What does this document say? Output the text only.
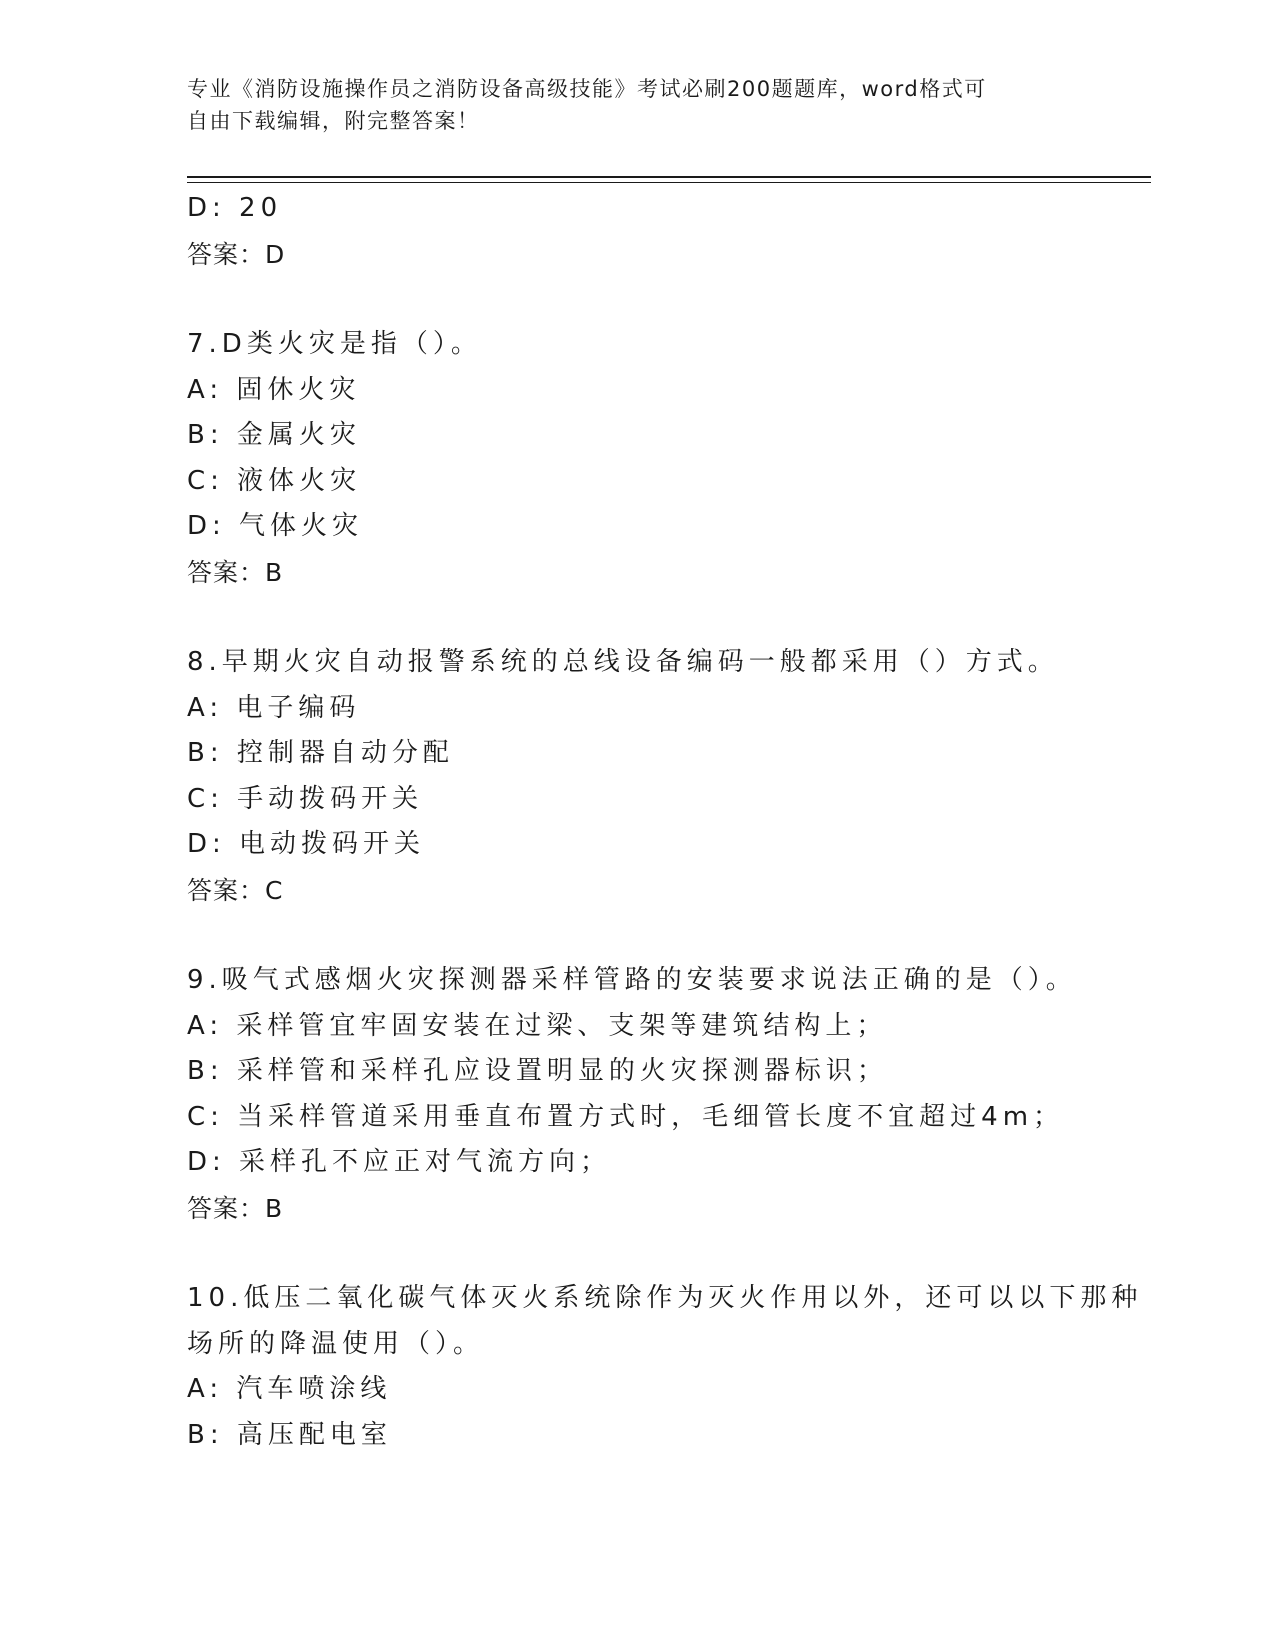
专业《消防设施操作员之消防设备高级技能》考试必刷200题题库，word格式可
自由下载编辑，附完整答案！
D: 20
答案：D
7.D类火灾是指（）。
A: 固休火灾
B: 金属火灾
C: 液体火灾
D: 气体火灾
答案：B
8.早期火灾自动报警系统的总线设备编码一般都采用（）方式。
A: 电子编码
B: 控制器自动分配
C: 手动拨码开关
D: 电动拨码开关
答案：C
9.吸气式感烟火灾探测器采样管路的安装要求说法正确的是（）。
A: 采样管宜牢固安装在过梁、支架等建筑结构上；
B: 采样管和采样孔应设置明显的火灾探测器标识；
C: 当采样管道采用垂直布置方式时，毛细管长度不宜超过4m；
D: 采样孔不应正对气流方向；
答案：B
10.低压二氧化碳气体灭火系统除作为灭火作用以外，还可以以下那种
场所的降温使用（）。
A: 汽车喷涂线
B: 高压配电室
